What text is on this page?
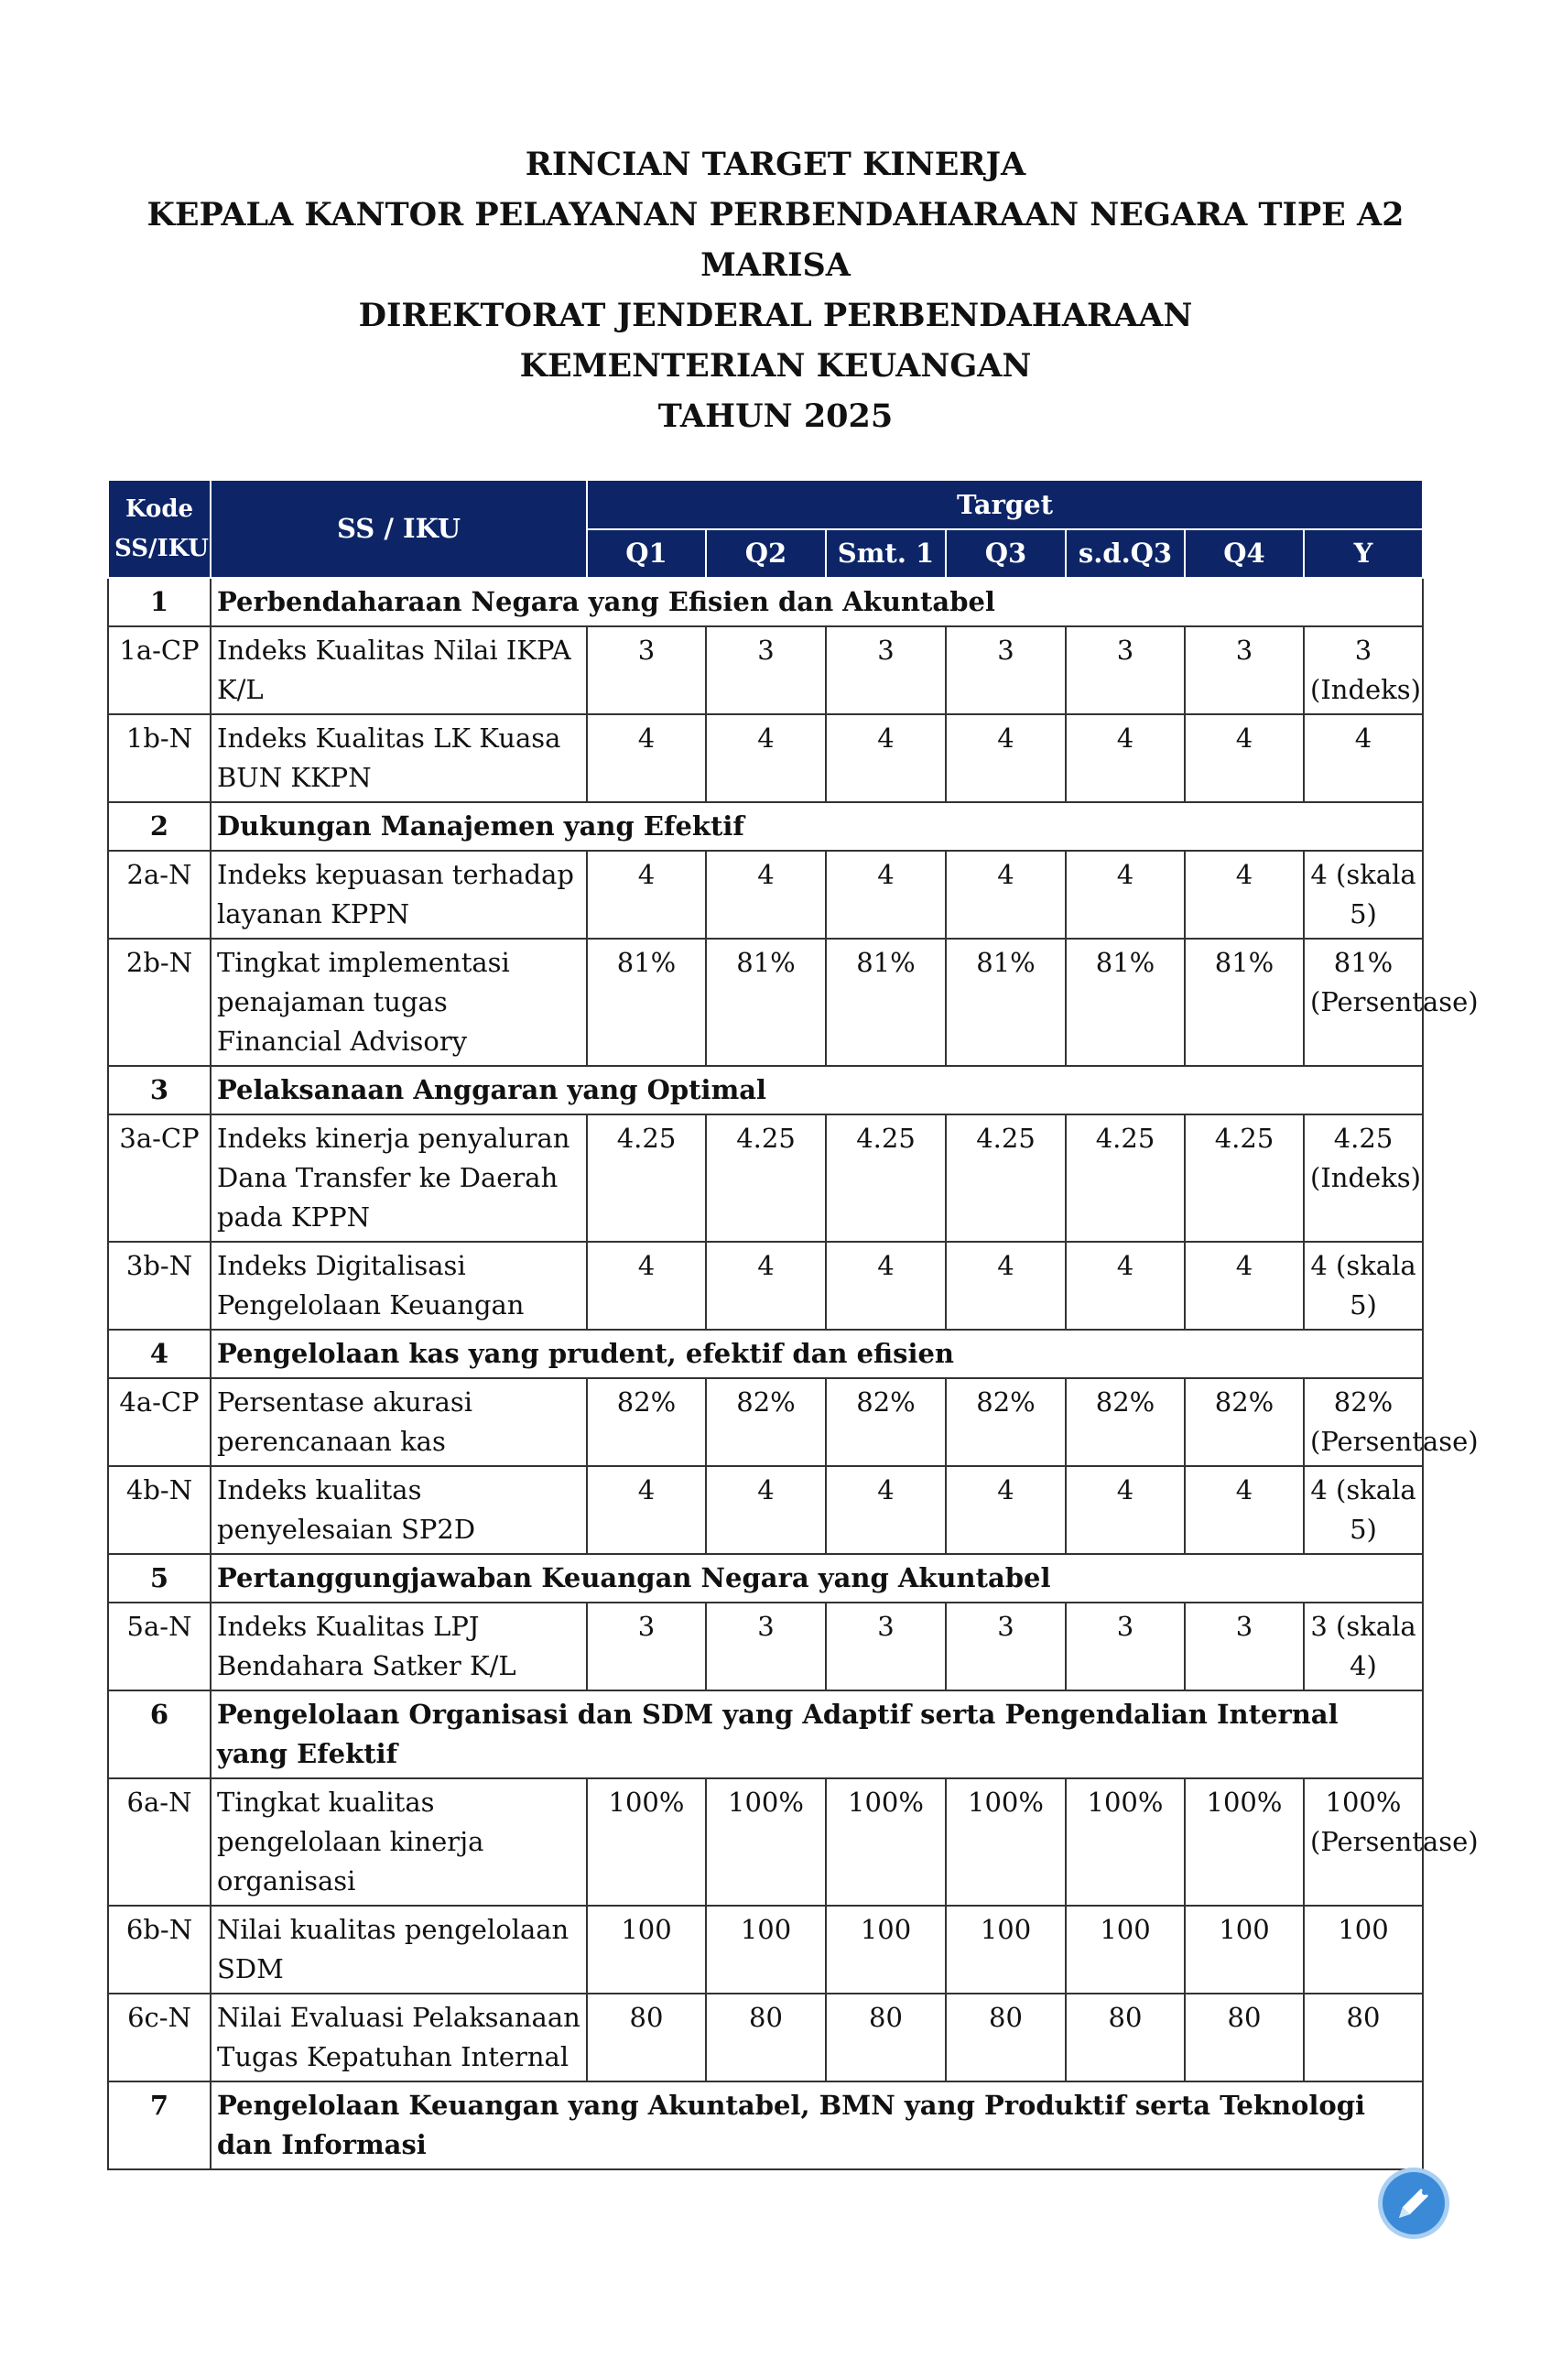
RINCIAN TARGET KINERJA
KEPALA KANTOR PELAYANAN PERBENDAHARAAN NEGARA TIPE A2
MARISA
DIREKTORAT JENDERAL PERBENDAHARAAN
KEMENTERIAN KEUANGAN
TAHUN 2025
Kode SS/IKU	SS / IKU	Target						
		Q1	Q2	Smt. 1	Q3	s.d.Q3	Q4	Y
1	Perbendaharaan Negara yang Efisien dan Akuntabel							
1a-CP	Indeks Kualitas Nilai IKPA K/L	3	3	3	3	3	3	3 (Indeks)
1b-N	Indeks Kualitas LK Kuasa BUN KKPN	4	4	4	4	4	4	4
2	Dukungan Manajemen yang Efektif							
2a-N	Indeks kepuasan terhadap layanan KPPN	4	4	4	4	4	4	4 (skala 5)
2b-N	Tingkat implementasi penajaman tugas Financial Advisory	81%	81%	81%	81%	81%	81%	81% (Persentase)
3	Pelaksanaan Anggaran yang Optimal							
3a-CP	Indeks kinerja penyaluran Dana Transfer ke Daerah pada KPPN	4.25	4.25	4.25	4.25	4.25	4.25	4.25 (Indeks)
3b-N	Indeks Digitalisasi Pengelolaan Keuangan	4	4	4	4	4	4	4 (skala 5)
4	Pengelolaan kas yang prudent, efektif dan efisien							
4a-CP	Persentase akurasi perencanaan kas	82%	82%	82%	82%	82%	82%	82% (Persentase)
4b-N	Indeks kualitas penyelesaian SP2D	4	4	4	4	4	4	4 (skala 5)
5	Pertanggungjawaban Keuangan Negara yang Akuntabel							
5a-N	Indeks Kualitas LPJ Bendahara Satker K/L	3	3	3	3	3	3	3 (skala 4)
6	Pengelolaan Organisasi dan SDM yang Adaptif serta Pengendalian Internal yang Efektif							
6a-N	Tingkat kualitas pengelolaan kinerja organisasi	100%	100%	100%	100%	100%	100%	100% (Persentase)
6b-N	Nilai kualitas pengelolaan SDM	100	100	100	100	100	100	100
6c-N	Nilai Evaluasi Pelaksanaan Tugas Kepatuhan Internal	80	80	80	80	80	80	80
7	Pengelolaan Keuangan yang Akuntabel, BMN yang Produktif serta Teknologi dan Informasi							
